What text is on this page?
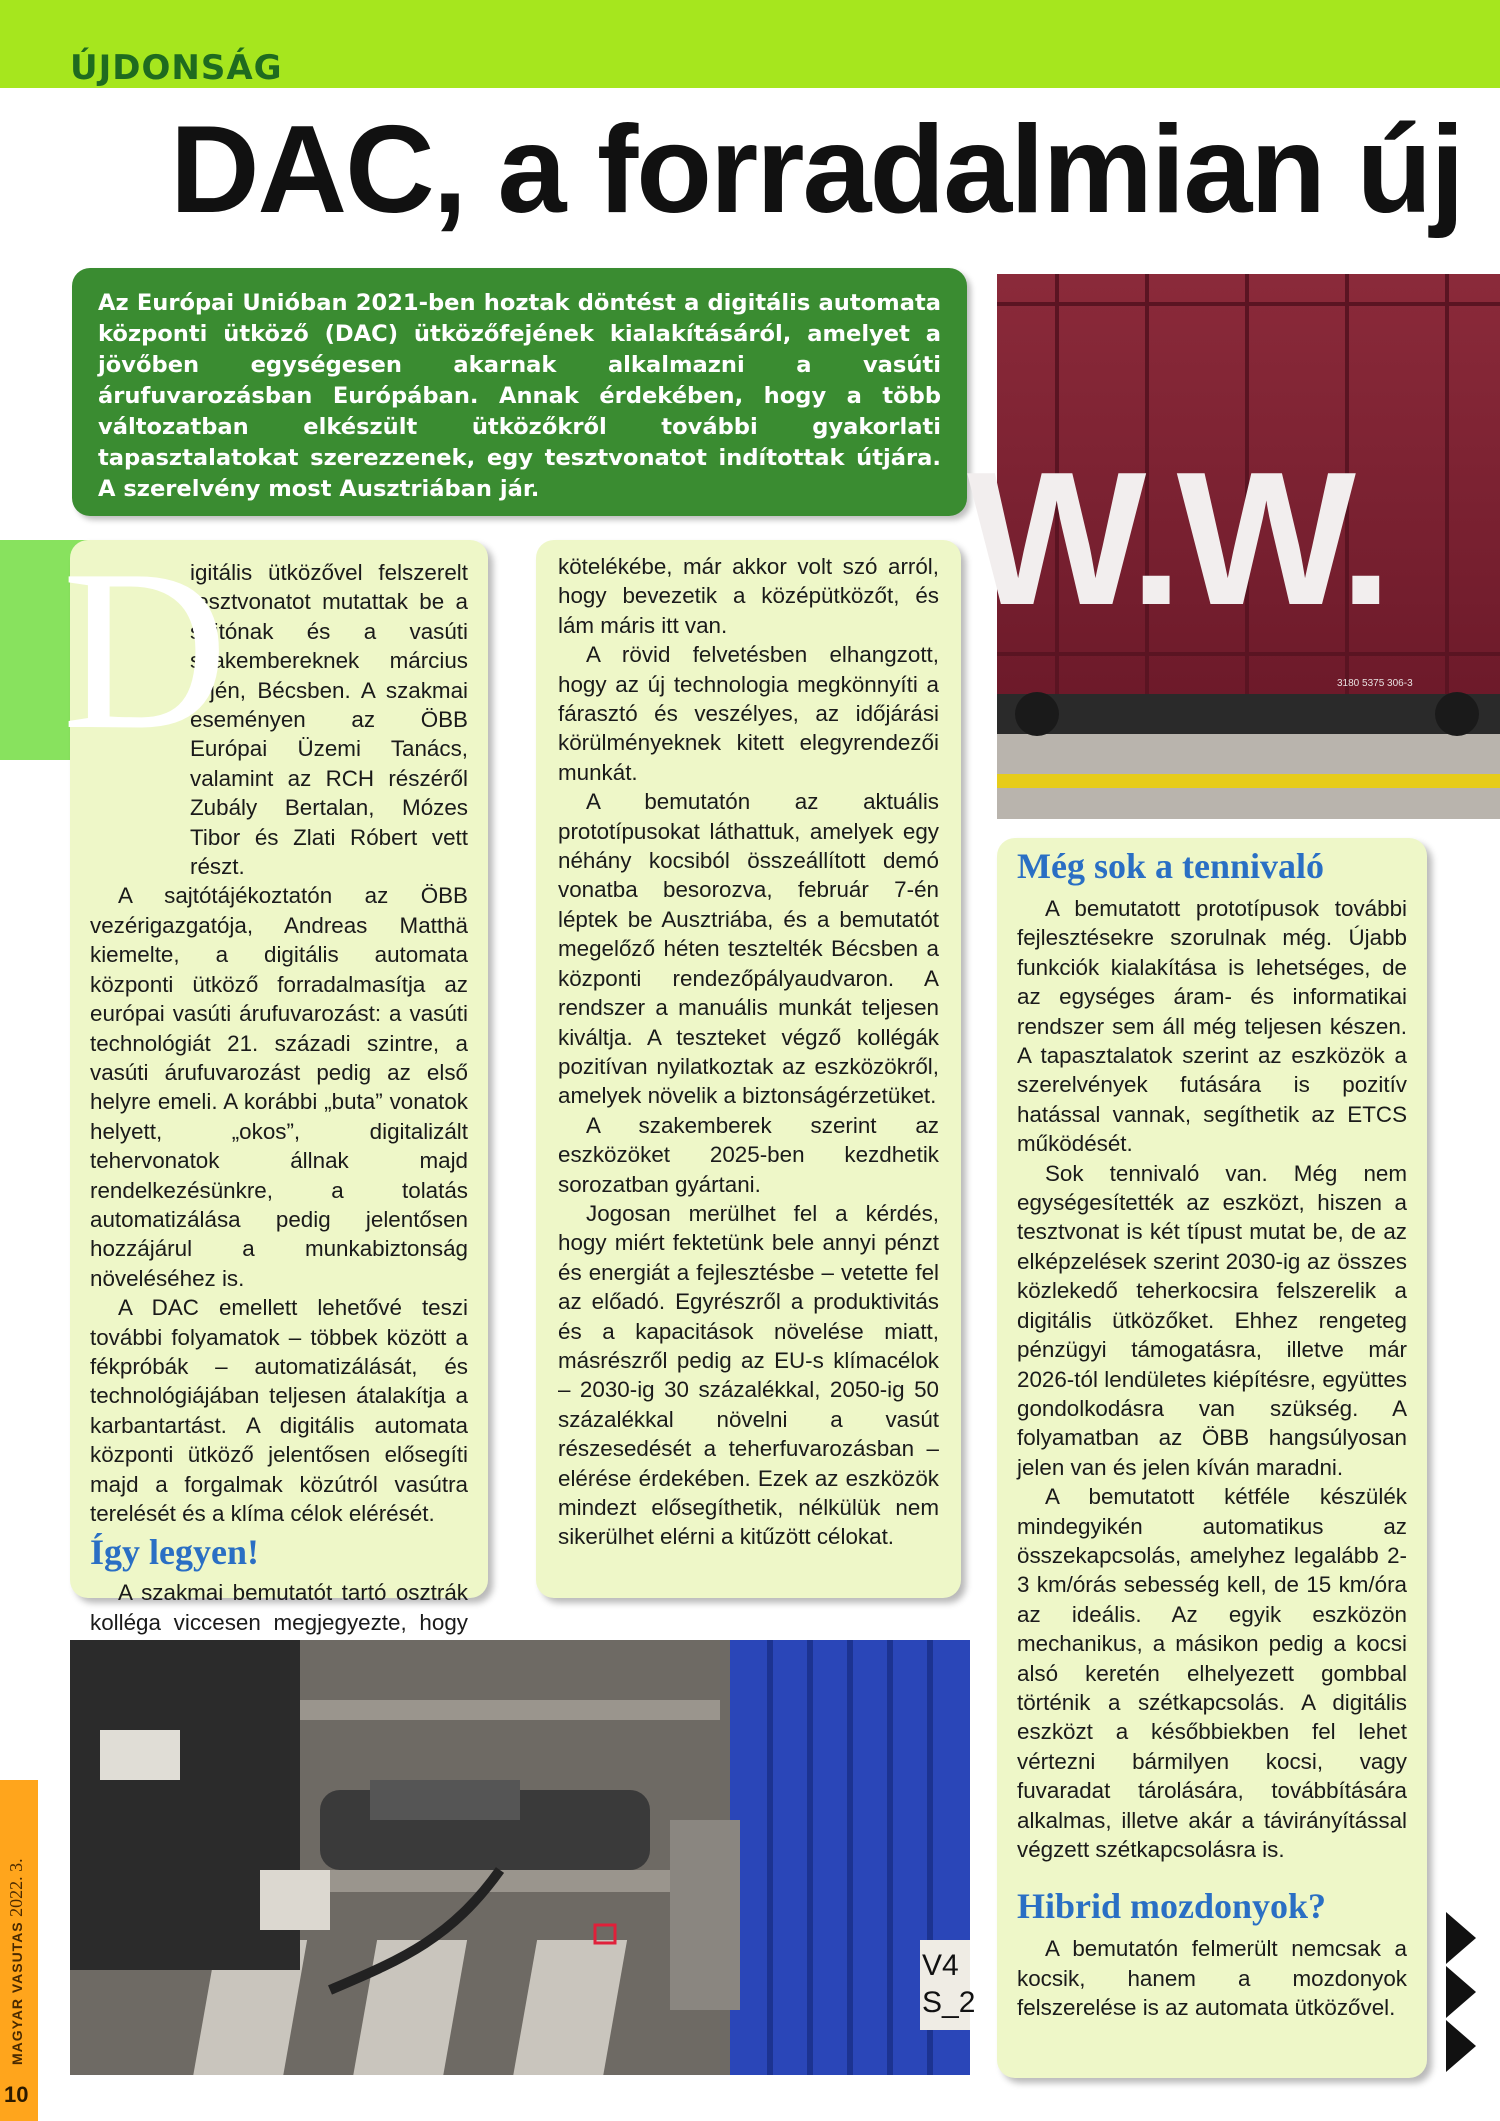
ÚJDONSÁG
DAC, a forradalmian új
Az Európai Unióban 2021-ben hoztak döntést a digitális automata központi ütköző (DAC) ütközőfejének kialakításáról, amelyet a jövőben egységesen akarnak alkalmazni a vasúti árufuvarozásban Európában. Annak érdekében, hogy a több változatban elkészült ütközőkről további gyakorlati tapasztalatokat szerezzenek, egy tesztvonatot indítottak útjára. A szerelvény most Ausztriában jár.	W.W.
3180 5375 306-3

igitális ütközővel felszerelt tesztvonatot mutattak be a sajtónak és a vasúti szakembereknek március 1-jén, Bécsben. A szakmai eseményen az ÖBB Európai Üzemi Tanács, valamint az RCH részéről Zubály Bertalan, Mózes Tibor és Zlati Róbert vett részt.

A sajtótájékoztatón az ÖBB vezérigazgatója, Andreas Matthä kiemelte, a digitális automata központi ütköző forradalmasítja az európai vasúti árufuvarozást: a vasúti technológiát 21. századi szintre, a vasúti árufuvarozást pedig az első helyre emeli. A korábbi „buta” vonatok helyett, „okos”, digitalizált tehervonatok állnak majd rendelkezésünkre, a tolatás automatizálása pedig jelentősen hozzájárul a munkabiztonság növeléséhez is.

A DAC emellett lehetővé teszi további folyamatok – többek között a fékpróbák – automatizálását, és technológiájában teljesen átalakítja a karbantartást. A digitális automata központi ütköző jelentősen elősegíti majd a forgalmak közútról vasútra terelését és a klíma célok elérését.

Így legyen!

A szakmai bemutatót tartó osztrák kolléga viccesen megjegyezte, hogy

D	kötelékébe, már akkor volt szó arról, hogy bevezetik a középütközőt, és lám máris itt van.

A rövid felvetésben elhangzott, hogy az új technologia megkönnyíti a fárasztó és veszélyes, az időjárási körülményeknek kitett elegyrendezői munkát.

A bemutatón az aktuális prototípusokat láthattuk, amelyek egy néhány kocsiból összeállított demó vonatba besorozva, február 7-én léptek be Ausztriába, és a bemutatót megelőző héten tesztelték Bécsben a központi rendezőpályaudvaron. A rendszer a manuális munkát teljesen kiváltja. A teszteket végző kollégák pozitívan nyilatkoztak az eszközökről, amelyek növelik a biztonságérzetüket.

A szakemberek szerint az eszközöket 2025-ben kezdhetik sorozatban gyártani.

Jogosan merülhet fel a kérdés, hogy miért fektetünk bele annyi pénzt és energiát a fejlesztésbe – vetette fel az előadó. Egyrészről a produktivitás és a kapacitások növelése miatt, másrészről pedig az EU-s klímacélok – 2030-ig 30 százalékkal, 2050-ig 50 százalékkal növelni a vasút részesedését a teherfuvarozásban – elérése érdekében. Ezek az eszközök mindezt elősegíthetik, nélkülük nem sikerülhet elérni a kitűzött célokat.

Még sok a tennivaló

A bemutatott prototípusok további fejlesztésekre szorulnak még. Újabb funkciók kialakítása is lehetséges, de az egységes áram- és informatikai rendszer sem áll még teljesen készen. A tapasztalatok szerint az eszközök a szerelvények futására is pozitív hatással vannak, segíthetik az ETCS működését.

Sok tennivaló van. Még nem egységesítették az eszközt, hiszen a tesztvonat is két típust mutat be, de az elképzelések szerint 2030-ig az összes közlekedő teherkocsira felszerelik a digitális ütközőket. Ehhez rengeteg pénzügyi támogatásra, illetve már 2026-tól lendületes kiépítésre, együttes gondolkodásra van szükség. A folyamatban az ÖBB hangsúlyosan jelen van és jelen kíván maradni.

A bemutatott kétféle készülék mindegyikén automatikus az összekapcsolás, amelyhez legalább 2-3 km/órás sebesség kell, de 15 km/óra az ideális. Az egyik eszközön mechanikus, a másikon pedig a kocsi alsó keretén elhelyezett gombbal történik a szétkapcsolás. A digitális eszközt a későbbiekben fel lehet vértezni bármilyen kocsi, vagy fuvaradat tárolására, továbbítására alkalmas, illetve akár a távirányítással végzett szétkapcsolásra is.

Hibrid mozdonyok?

A bemutatón felmerült nemcsak a kocsik, hanem a mozdonyok felszerelése is az automata ütközővel.

V4
S_2
MAGYAR VASUTAS 2022. 3.
10
